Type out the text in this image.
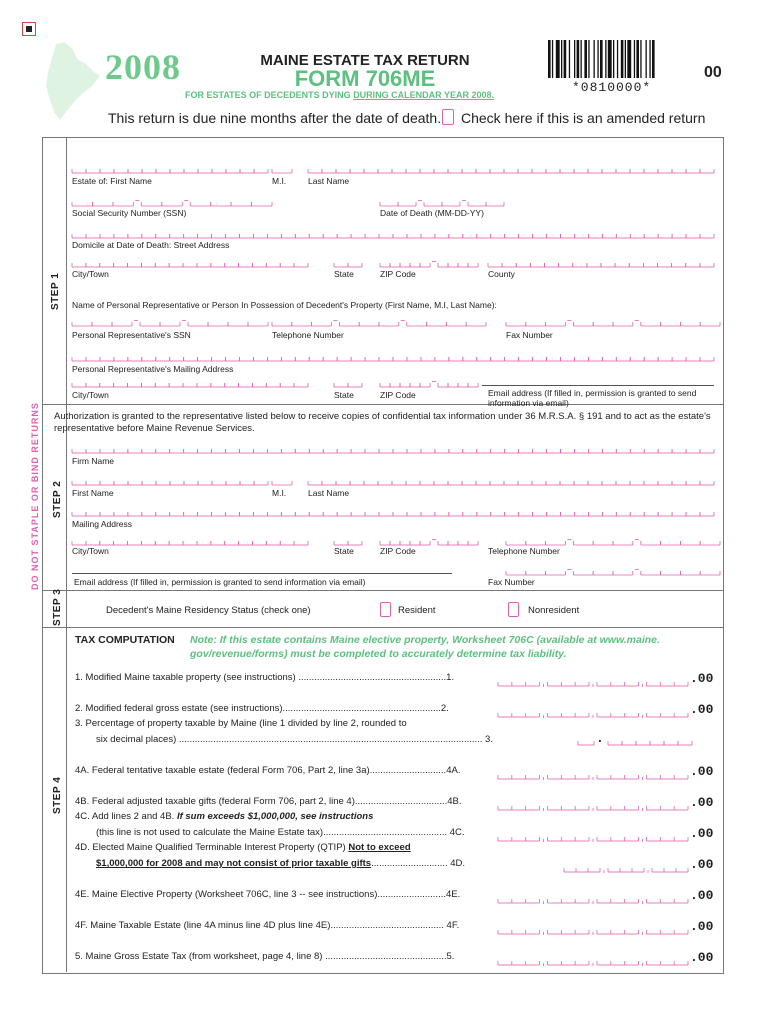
2008	MAINE ESTATE TAX RETURN
FORM 706ME
FOR ESTATES OF DECEDENTS DYING DURING CALENDAR YEAR 2008.	*0810000*
00
This return is due nine months after the date of death. Check here if this is an amended return
DO NOT STAPLE OR BIND RETURNS
STEP 1
STEP 2
STEP 3
STEP 4
Estate of: First Name	M.I.	Last Name
Social Security Number (SSN)	Date of Death (MM-DD-YY)
Domicile at Date of Death: Street Address
City/Town	State	ZIP Code	County
Name of Personal Representative or Person In Possession of Decedent's Property (First Name, M.I, Last Name):
Personal Representative's SSN	Telephone Number	Fax Number
Personal Representative's Mailing Address
City/Town	State	ZIP Code	Email address (If filled in, permission is granted to send information via email)
Authorization is granted to the representative listed below to receive copies of confidential tax information under 36 M.R.S.A. § 191 and to act as the estate's representative before Maine Revenue Services.
Firm Name
First Name	M.I.	Last Name
Mailing Address
City/Town	State	ZIP Code	Telephone Number
Email address (If filled in, permission is granted to send information via email)	Fax Number
Decedent's Maine Residency Status (check one)	Resident	Nonresident
TAX COMPUTATION Note: If this estate contains Maine elective property, Worksheet 706C (available at www.maine.
gov/revenue/forms) must be completed to accurately determine tax liability.
1. Modified Maine taxable property (see instructions) ........................................................1.	.00
2. Modified federal gross estate (see instructions)............................................................2.	.00
3. Percentage of property taxable by Maine (line 1 divided by line 2, rounded to
six decimal places) ................................................................................................................... 3.	.
4A. Federal tentative taxable estate (federal Form 706, Part 2, line 3a).............................4A.	.00
4B. Federal adjusted taxable gifts (federal Form 706, part 2, line 4)...................................4B.	.00
4C. Add lines 2 and 4B. If sum exceeds $1,000,000, see instructions
(this line is not used to calculate the Maine Estate tax)............................................... 4C.	.00
4D. Elected Maine Qualified Terminable Interest Property (QTIP) Not to exceed
$1,000,000 for 2008 and may not consist of prior taxable gifts............................. 4D.	.00
4E. Maine Elective Property (Worksheet 706C, line 3 -- see instructions)..........................4E.	.00
4F. Maine Taxable Estate (line 4A minus line 4D plus line 4E)........................................... 4F.	.00
5. Maine Gross Estate Tax (from worksheet, page 4, line 8) ..............................................5.	.00
